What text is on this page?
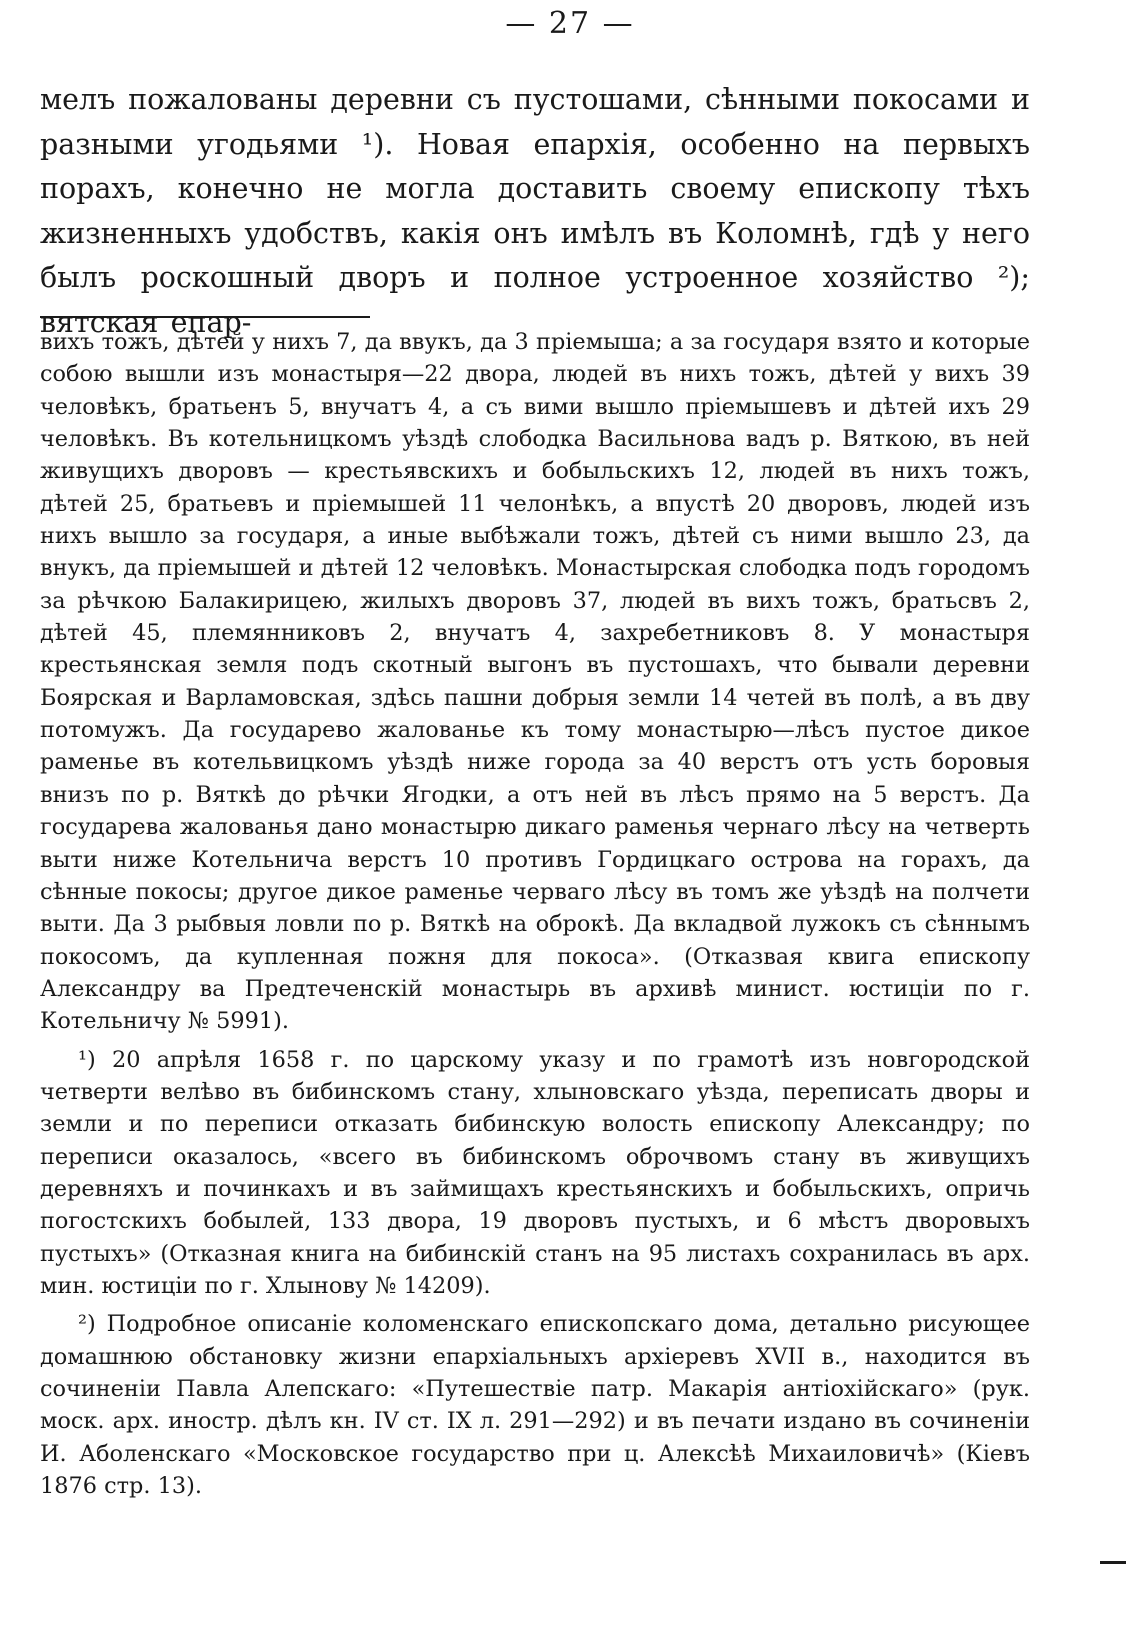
— 27 —
мелъ пожалованы деревни съ пустошами, сѣнными покосами и разными угодьями ¹). Новая епархія, особенно на первыхъ порахъ, конечно не могла доставить своему епископу тѣхъ жизненныхъ удобствъ, какія онъ имѣлъ въ Коломнѣ, гдѣ у него былъ роскошный дворъ и полное устроенное хозяйство ²); вятская епар-

вихъ тожъ, дѣтей у нихъ 7, да ввукъ, да 3 пріемыша; а за государя взято и которые собою вышли изъ монастыря—22 двора, людей въ нихъ тожъ, дѣтей у вихъ 39 человѣкъ, братьенъ 5, внучатъ 4, а съ вими вышло пріемышевъ и дѣтей ихъ 29 человѣкъ. Въ котельницкомъ уѣздѣ слободка Васильнова вадъ р. Вяткою, въ ней живущихъ дворовъ — крестьявскихъ и бобыльскихъ 12, людей въ нихъ тожъ, дѣтей 25, братьевъ и пріемышей 11 челонѣкъ, а впустѣ 20 дворовъ, людей изъ нихъ вышло за государя, а иные выбѣжали тожъ, дѣтей съ ними вышло 23, да внукъ, да пріемышей и дѣтей 12 человѣкъ. Монастырская слободка подъ городомъ за рѣчкою Балакирицею, жилыхъ дворовъ 37, людей въ вихъ тожъ, братьсвъ 2, дѣтей 45, племянниковъ 2, внучатъ 4, захребетниковъ 8. У монастыря крестьянская земля подъ скотный выгонъ въ пустошахъ, что бывали деревни Боярская и Варламовская, здѣсь пашни добрыя земли 14 четей въ полѣ, а въ дву потомужъ. Да государево жалованье къ тому монастырю—лѣсъ пустое дикое раменье въ котельвицкомъ уѣздѣ ниже города за 40 верстъ отъ усть боровыя внизъ по р. Вяткѣ до рѣчки Ягодки, а отъ ней въ лѣсъ прямо на 5 верстъ. Да государева жалованья дано монастырю дикаго раменья чернаго лѣсу на четверть выти ниже Котельнича верстъ 10 противъ Гордицкаго острова на горахъ, да сѣнные покосы; другое дикое раменье черваго лѣсу въ томъ же уѣздѣ на полчети выти. Да 3 рыбвыя ловли по р. Вяткѣ на оброкѣ. Да вкладвой лужокъ съ сѣннымъ покосомъ, да купленная пожня для покоса». (Отказвая квига епископу Александру ва Предтеченскій монастырь въ архивѣ минист. юстиціи по г. Котельничу № 5991).

¹) 20 апрѣля 1658 г. по царскому указу и по грамотѣ изъ новгородской четверти велѣво въ бибинскомъ стану, хлыновскаго уѣзда, переписать дворы и земли и по переписи отказать бибинскую волость епископу Александру; по переписи оказалось, «всего въ бибинскомъ оброчвомъ стану въ живущихъ деревняхъ и починкахъ и въ займищахъ крестьянскихъ и бобыльскихъ, опричь погостскихъ бобылей, 133 двора, 19 дворовъ пустыхъ, и 6 мѣстъ дворовыхъ пустыхъ» (Отказная книга на бибинскій станъ на 95 листахъ сохранилась въ арх. мин. юстиціи по г. Хлынову № 14209).

²) Подробное описаніе коломенскаго епископскаго дома, детально рисующее домашнюю обстановку жизни епархіальныхъ архіеревъ XVII в., находится въ сочиненіи Павла Алепскаго: «Путешествіе патр. Макарія антіохійскаго» (рук. моск. арх. иностр. дѣлъ кн. IV ст. IX л. 291—292) и въ печати издано въ сочиненіи И. Аболенскаго «Московское государство при ц. Алексѣѣ Михаиловичѣ» (Кіевъ 1876 стр. 13).
